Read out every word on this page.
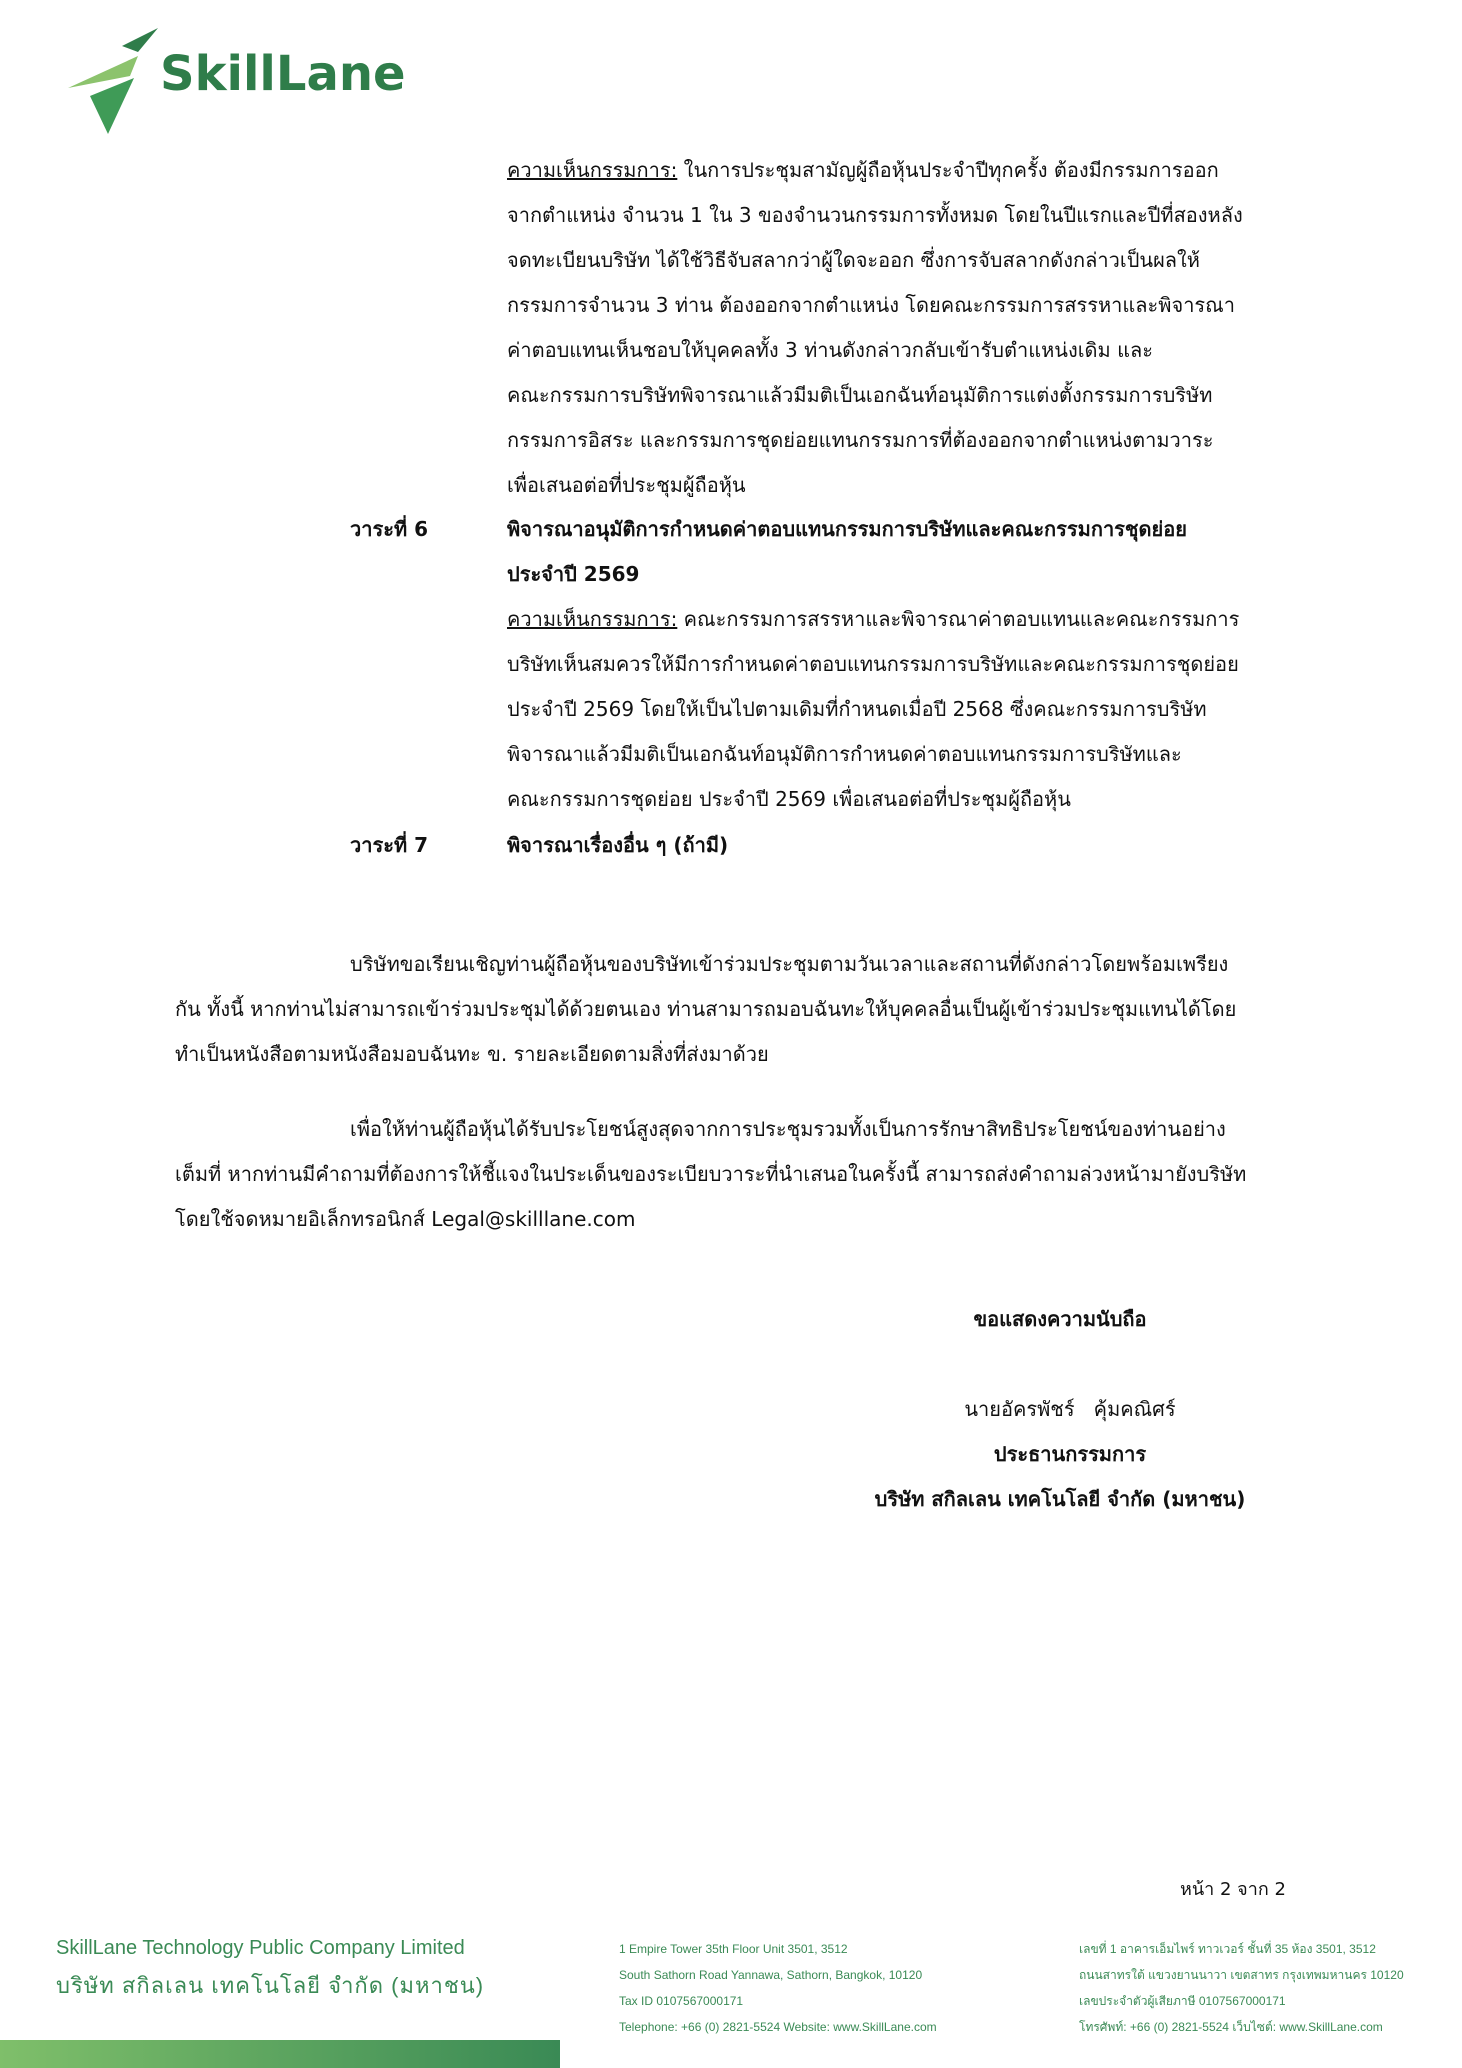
SkillLane
ความเห็นกรรมการ: ในการประชุมสามัญผู้ถือหุ้นประจำปีทุกครั้ง ต้องมีกรรมการออก
จากตำแหน่ง จำนวน 1 ใน 3 ของจำนวนกรรมการทั้งหมด โดยในปีแรกและปีที่สองหลัง
จดทะเบียนบริษัท ได้ใช้วิธีจับสลากว่าผู้ใดจะออก ซึ่งการจับสลากดังกล่าวเป็นผลให้
กรรมการจำนวน 3 ท่าน ต้องออกจากตำแหน่ง โดยคณะกรรมการสรรหาและพิจารณา
ค่าตอบแทนเห็นชอบให้บุคคลทั้ง 3 ท่านดังกล่าวกลับเข้ารับตำแหน่งเดิม และ
คณะกรรมการบริษัทพิจารณาแล้วมีมติเป็นเอกฉันท์อนุมัติการแต่งตั้งกรรมการบริษัท
กรรมการอิสระ และกรรมการชุดย่อยแทนกรรมการที่ต้องออกจากตำแหน่งตามวาระ
เพื่อเสนอต่อที่ประชุมผู้ถือหุ้น
วาระที่ 6	พิจารณาอนุมัติการกำหนดค่าตอบแทนกรรมการบริษัทและคณะกรรมการชุดย่อย
ประจำปี 2569
ความเห็นกรรมการ: คณะกรรมการสรรหาและพิจารณาค่าตอบแทนและคณะกรรมการ
บริษัทเห็นสมควรให้มีการกำหนดค่าตอบแทนกรรมการบริษัทและคณะกรรมการชุดย่อย
ประจำปี 2569 โดยให้เป็นไปตามเดิมที่กำหนดเมื่อปี 2568 ซึ่งคณะกรรมการบริษัท
พิจารณาแล้วมีมติเป็นเอกฉันท์อนุมัติการกำหนดค่าตอบแทนกรรมการบริษัทและ
คณะกรรมการชุดย่อย ประจำปี 2569 เพื่อเสนอต่อที่ประชุมผู้ถือหุ้น
วาระที่ 7	พิจารณาเรื่องอื่น ๆ (ถ้ามี)
บริษัทขอเรียนเชิญท่านผู้ถือหุ้นของบริษัทเข้าร่วมประชุมตามวันเวลาและสถานที่ดังกล่าวโดยพร้อมเพรียง
กัน ทั้งนี้ หากท่านไม่สามารถเข้าร่วมประชุมได้ด้วยตนเอง ท่านสามารถมอบฉันทะให้บุคคลอื่นเป็นผู้เข้าร่วมประชุมแทนได้โดย
ทำเป็นหนังสือตามหนังสือมอบฉันทะ ข. รายละเอียดตามสิ่งที่ส่งมาด้วย
เพื่อให้ท่านผู้ถือหุ้นได้รับประโยชน์สูงสุดจากการประชุมรวมทั้งเป็นการรักษาสิทธิประโยชน์ของท่านอย่าง
เต็มที่ หากท่านมีคำถามที่ต้องการให้ชี้แจงในประเด็นของระเบียบวาระที่นำเสนอในครั้งนี้ สามารถส่งคำถามล่วงหน้ามายังบริษัท
โดยใช้จดหมายอิเล็กทรอนิกส์ Legal@skilllane.com
ขอแสดงความนับถือ
นายอัครพัชร์   คุ้มคณิศร์
ประธานกรรมการ
บริษัท สกิลเลน เทคโนโลยี จำกัด (มหาชน)
หน้า 2 จาก 2
SkillLane Technology Public Company Limited
บริษัท สกิลเลน เทคโนโลยี จำกัด (มหาชน)
1 Empire Tower 35th Floor Unit 3501, 3512
South Sathorn Road Yannawa, Sathorn, Bangkok, 10120
Tax ID 0107567000171
Telephone: +66 (0) 2821-5524 Website: www.SkillLane.com
เลขที่ 1 อาคารเอ็มไพร์ ทาวเวอร์ ชั้นที่ 35 ห้อง 3501, 3512
ถนนสาทรใต้ แขวงยานนาวา เขตสาทร กรุงเทพมหานคร 10120
เลขประจำตัวผู้เสียภาษี 0107567000171
โทรศัพท์: +66 (0) 2821-5524 เว็บไซต์: www.SkillLane.com
